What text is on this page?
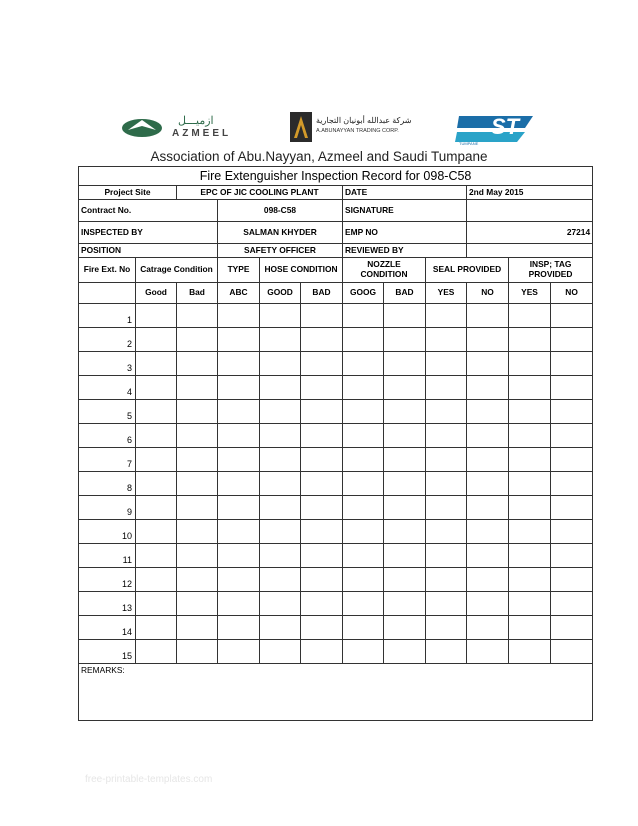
ازميـــل
AZMEEL
شركة عبدالله أبونيان التجارية
A.ABUNAYYAN TRADING CORP.	ST
TUMPANE
Association of Abu.Nayyan, Azmeel and Saudi Tumpane
Fire Extenguisher Inspection Record for 098-C58											
Project Site		EPC OF JIC COOLING PLANT				DATE			2nd May 2015		
Contract No.			098-C58			SIGNATURE					
INSPECTED BY			SALMAN KHYDER			EMP NO			27214		
POSITION			SAFETY OFFICER			REVIEWED BY					
Fire Ext. No	Catrage Condition		TYPE	HOSE CONDITION		NOZZLE CONDITION		SEAL PROVIDED		INSP; TAG PROVIDED	
	Good	Bad	ABC	GOOD	BAD	GOOG	BAD	YES	NO	YES	NO
1											
2											
3											
4											
5											
6											
7											
8											
9											
10											
11											
12											
13											
14											
15											
REMARKS:											
free-printable-templates.com
